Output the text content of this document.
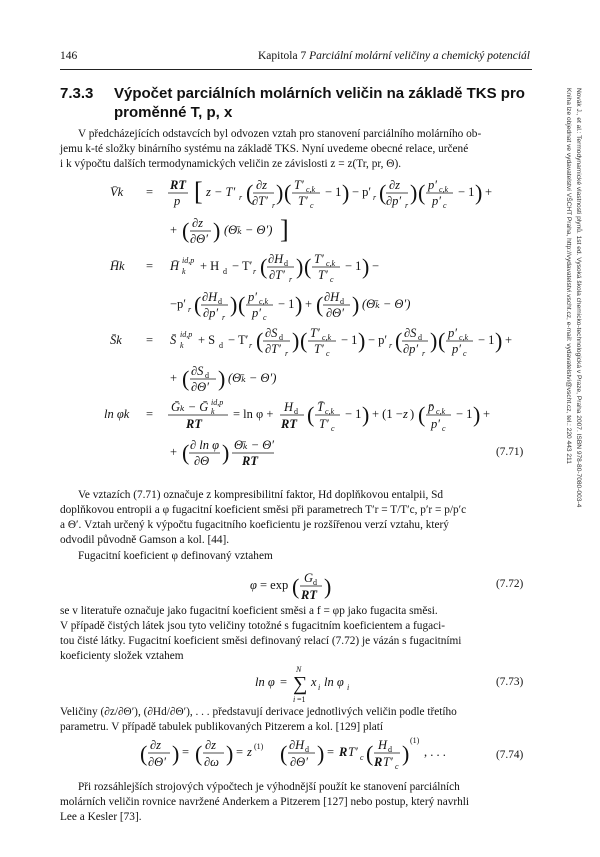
146	Kapitola 7 Parciální molární veličiny a chemický potenciál
7.3.3 Výpočet parciálních molárních veličin na základě TKS pro
proměnné T, p, x
V předcházejících odstavcích byl odvozen vztah pro stanovení parciálního molárního ob-
jemu k-té složky binárního systému na základě TKS. Nyní uvedeme obecné relace, určené
i k výpočtu dalších termodynamických veličin ze závislosti z = z(Tr, pr, Θ).
V̄k = RT
p [ z − T′ r ( ∂z
∂T′ r
) ( T′ c,k
T′ c
− 1 ) − p′ r ( ∂z
∂p′ r
) ( p′ c,k
p′ c
− 1 ) +
+ ( ∂z
∂Θ′ ) (Θ̄ₖ − Θ′) ]
H̄k = H̄ id,p
k + H d − T′ r ( ∂H d
∂T′ r
) ( T′ c,k
T′ c
− 1 ) −
−p′ r ( ∂H d
∂p′ r
) ( p′ c,k
p′ c
− 1 ) + ( ∂H d
∂Θ′ ) (Θ̄ₖ − Θ′)
S̄k = S̄ id,p
k + S d − T′ r ( ∂S d
∂T′ r
) ( T′ c,k
T′ c
− 1 ) − p′ r ( ∂S d
∂p′ r
) ( p′ c,k
p′ c
− 1 ) +
+ ( ∂S d
∂Θ′ ) (Θ̄ₖ − Θ′)
ln φk = Ḡₖ − Ḡ id,p
k
RT
= ln φ + H d
RT ( T̄ c,k
T′ c
− 1 ) + (1 − z ) ( p̄ c,k
p′ c
− 1 ) +
+ ( ∂ ln φ
∂Θ ) Θ̄ₖ − Θ′
RT
(7.71)
Ve vztazích (7.71) označuje z kompresibilitní faktor, Hd doplňkovou entalpii, Sd
doplňkovou entropii a φ fugacitní koeficient směsi při parametrech T′r = T/T′c, p′r = p/p′c
a Θ′. Vztah určený k výpočtu fugacitního koeficientu je rozšířenou verzí vztahu, který
odvodil původně Gamson a kol. [44].
Fugacitní koeficient φ definovaný vztahem
φ = exp ( G d
RT )	(7.72)
se v literatuře označuje jako fugacitní koeficient směsi a f = φp jako fugacita směsi.
V případě čistých látek jsou tyto veličiny totožné s fugacitním koeficientem a fugaci-
tou čisté látky. Fugacitní koeficient směsi definovaný relací (7.72) je vázán s fugacitními
koeficienty složek vztahem
ln φ =
N
∑
i =1
x i ln φ i	(7.73)
Veličiny (∂z/∂Θ′), (∂Hd/∂Θ′), . . . představují derivace jednotlivých veličin podle třetího
parametru. V případě tabulek publikovaných Pitzerem a kol. [129] platí
( ∂z
∂Θ′ ) = ( ∂z
∂ω ) = z (1) ( ∂H d
∂Θ′ ) = R T′ c ( H d
R T′ c
)
(1)
, . . .	(7.74)
Při rozsáhlejších strojových výpočtech je výhodnější použít ke stanovení parciálních
molárních veličin rovnice navržené Anderkem a Pitzerem [127] nebo postup, který navrhli
Lee a Kesler [73].
Novák J., et al.: Termodynamické vlastnosti plynů. 1st ed. Vysoká škola chemicko-technologická v Praze, Praha 2007. ISBN 978-80-7080-003-4
Kniha lze objednat ve vydavatelství VŠCHT Praha, http://vydavatelstvi.vscht.cz, e-mail: vydavatelstvi@vscht.cz, tel.: 220 443 211
